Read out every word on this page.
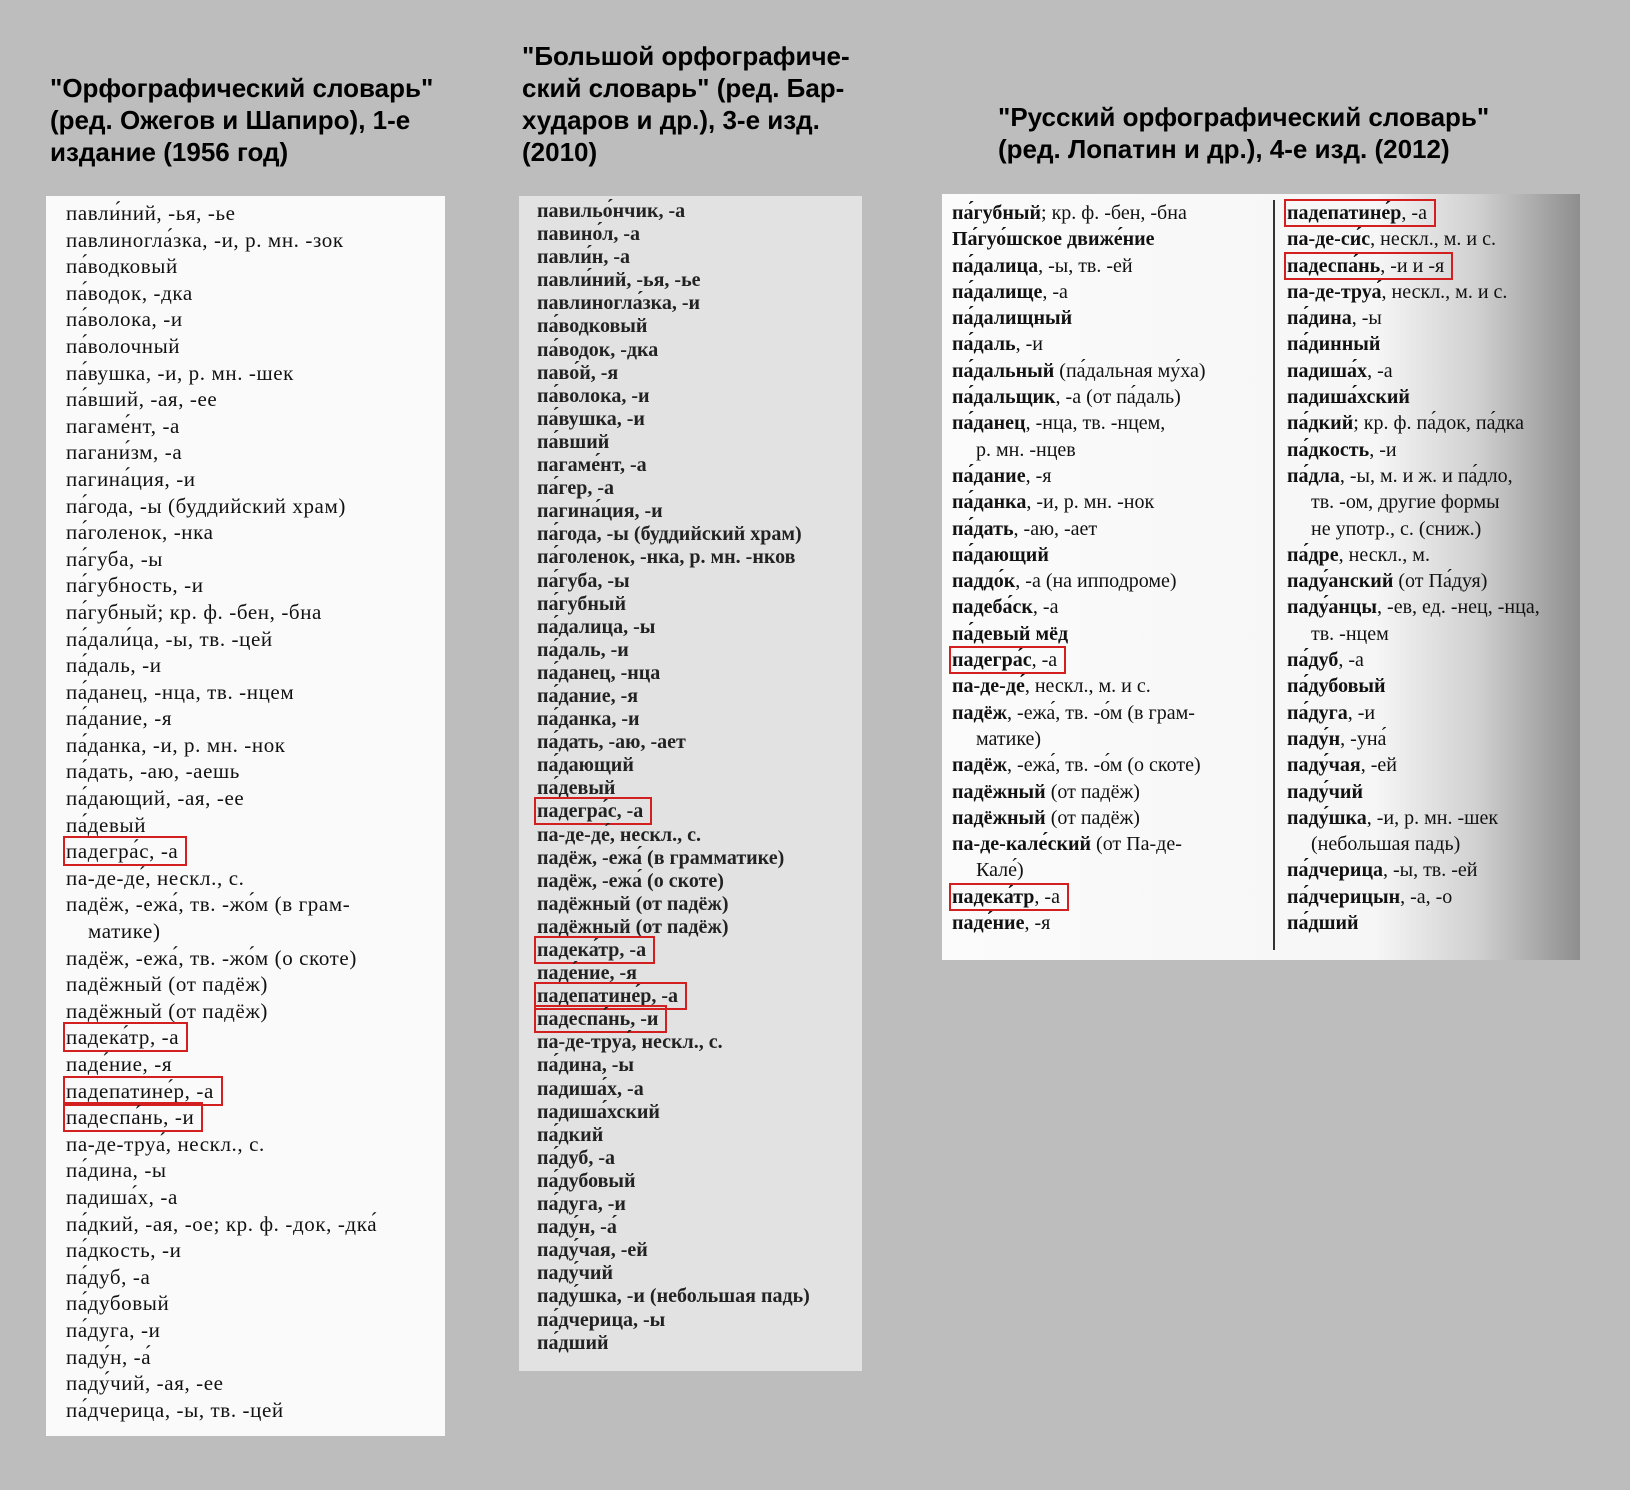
"Орфографический словарь"
(ред. Ожегов и Шапиро), 1-е
издание (1956 год)
"Большой орфографиче-
ский словарь" (ред. Бар-
хударов и др.), 3-е изд.
(2010)
"Русский орфографический словарь"
(ред. Лопатин и др.), 4-е изд. (2012)
павли́ний, -ья, -ье
павлиногла́зка, -и, р. мн. -зок
па́водковый
па́водок, -дка
па́волока, -и
па́волочный
па́вушка, -и, р. мн. -шек
па́вший, -ая, -ее
пагаме́нт, -а
пагани́зм, -а
пагина́ция, -и
па́года, -ы (буддийский храм)
па́голенок, -нка
па́губа, -ы
па́губность, -и
па́губный; кр. ф. -бен, -бна
па́дали́ца, -ы, тв. -цей
па́даль, -и
па́данец, -нца, тв. -нцем
па́дание, -я
па́данка, -и, р. мн. -нок
па́дать, -аю, -аешь
па́дающий, -ая, -ее
па́девый
падегра́с, -а
па-де-де́, нескл., с.
падёж, -ежа́, тв. -жо́м (в грам-
матике)
падёж, -ежа́, тв. -жо́м (о скоте)
падёжный (от падёж)
падёжный (от падёж)
падека́тр, -а
паде́ние, -я
падепатине́р, -а
падеспа́нь, -и
па-де-труа́, нескл., с.
па́дина, -ы
падиша́х, -а
па́дкий, -ая, -ое; кр. ф. -док, -дка́
па́дкость, -и
па́дуб, -а
па́дубовый
па́дуга, -и
паду́н, -а́
паду́чий, -ая, -ее
па́дчерица, -ы, тв. -цей
павильо́нчик, -а
павино́л, -а
павли́н, -а
павли́ний, -ья, -ье
павлиногла́зка, -и
па́водковый
па́водок, -дка
паво́й, -я
па́волока, -и
па́вушка, -и
па́вший
пагаме́нт, -а
па́гер, -а
пагина́ция, -и
па́года, -ы (буддийский храм)
па́голенок, -нка, р. мн. -нков
па́губа, -ы
па́губный
па́далица, -ы
па́даль, -и
па́данец, -нца
па́дание, -я
па́данка, -и
па́дать, -аю, -ает
па́дающий
па́девый
падегра́с, -а
па-де-де́, нескл., с.
падёж, -ежа́ (в грамматике)
падёж, -ежа́ (о скоте)
падёжный (от падёж)
падёжный (от падёж)
падека́тр, -а
паде́ние, -я
падепатине́р, -а
падеспа́нь, -и
па-де-труа́, нескл., с.
па́дина, -ы
падиша́х, -а
падиша́хский
па́дкий
па́дуб, -а
па́дубовый
па́дуга, -и
паду́н, -а́
паду́чая, -ей
паду́чий
паду́шка, -и (небольшая падь)
па́дчерица, -ы
па́дший
па́губный; кр. ф. -бен, -бна
Па́гуо́шское движе́ние
па́далица, -ы, тв. -ей
па́далище, -а
па́далищный
па́даль, -и
па́дальный (па́дальная му́ха)
па́дальщик, -а (от па́даль)
па́данец, -нца, тв. -нцем,
р. мн. -нцев
па́дание, -я
па́данка, -и, р. мн. -нок
па́дать, -аю, -ает
па́дающий
паддо́к, -а (на ипподроме)
падеба́ск, -а
па́девый мёд
падегра́с, -а
па-де-де́, нескл., м. и с.
падёж, -ежа́, тв. -о́м (в грам-
матике)
падёж, -ежа́, тв. -о́м (о скоте)
падёжный (от падёж)
падёжный (от падёж)
па-де-кале́ский (от Па-де-
Кале́)
падека́тр, -а
паде́ние, -я
падепатине́р, -а
па-де-си́с, нескл., м. и с.
падеспа́нь, -и и -я
па-де-труа́, нескл., м. и с.
па́дина, -ы
па́динный
падиша́х, -а
падиша́хский
па́дкий; кр. ф. па́док, па́дка
па́дкость, -и
па́дла, -ы, м. и ж. и па́дло,
тв. -ом, другие формы
не употр., с. (сниж.)
па́дре, нескл., м.
паду́анский (от Па́дуя)
паду́анцы, -ев, ед. -нец, -нца,
тв. -нцем
па́дуб, -а
па́дубовый
па́дуга, -и
паду́н, -уна́
паду́чая, -ей
паду́чий
паду́шка, -и, р. мн. -шек
(небольшая падь)
па́дчерица, -ы, тв. -ей
па́дчерицын, -а, -о
па́дший
